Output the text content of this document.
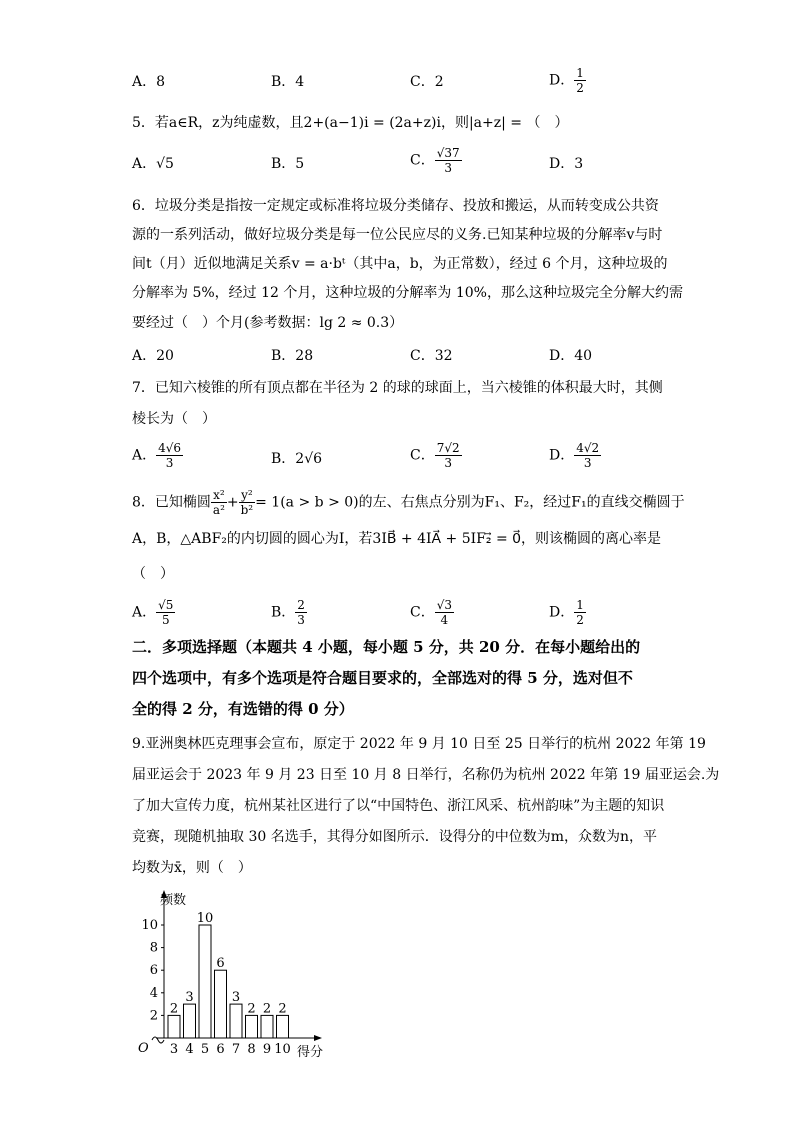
A．8	B．4	C．2	D． $\frac{1}{2}$
5．若a∈R，z为纯虚数，且2+(a−1)i = (2a+z)i，则|a+z| = （　）
A．√5	B．5	C． $\frac{√37}{3}$	D．3
6．垃圾分类是指按一定规定或标准将垃圾分类储存、投放和搬运，从而转变成公共资
源的一系列活动，做好垃圾分类是每一位公民应尽的义务.已知某种垃圾的分解率v与时
间t（月）近似地满足关系v = a·bᵗ（其中a，b，为正常数），经过 6 个月，这种垃圾的
分解率为 5%，经过 12 个月，这种垃圾的分解率为 10%，那么这种垃圾完全分解大约需
要经过（　）个月(参考数据：lg 2 ≈ 0.3）
A．20	B．28	C．32	D．40
7．已知六棱锥的所有顶点都在半径为 2 的球的球面上，当六棱锥的体积最大时，其侧
棱长为（　）
A． $\frac{4√6}{3}$	B．2√6	C． $\frac{7√2}{3}$	D． $\frac{4√2}{3}$
8．已知椭圆 $\frac{\text{x²}}{\text{a²}} + \frac{\text{y²}}{\text{b²}} = 1(a > b > 0)$的左、右焦点分别为F₁、F₂，经过F₁的直线交椭圆于
A，B，△ABF₂的内切圆的圆心为I，若3IB⃗ + 4IA⃗ + 5IF₂⃗ = 0⃗，则该椭圆的离心率是
（　）
A． $\frac{√5}{5}$	B． $\frac{2}{3}$	C． $\frac{√3}{4}$	D． $\frac{1}{2}$
二．多项选择题（本题共 4 小题，每小题 5 分，共 20 分．在每小题给出的
四个选项中，有多个选项是符合题目要求的，全部选对的得 5 分，选对但不
全的得 2 分，有选错的得 0 分）
9.亚洲奥林匹克理事会宣布，原定于 2022 年 9 月 10 日至 25 日举行的杭州 2022 年第 19
届亚运会于 2023 年 9 月 23 日至 10 月 8 日举行，名称仍为杭州 2022 年第 19 届亚运会.为
了加大宣传力度，杭州某社区进行了以“中国特色、浙江风采、杭州韵味”为主题的知识
竞赛，现随机抽取 30 名选手，其得分如图所示．设得分的中位数为m，众数为n，平
均数为x̄，则（　）
2
4
6
8
10
2
3
3
4
10
5
6
6
3
7
2
8
2
9
2
10
频数
得分
O
